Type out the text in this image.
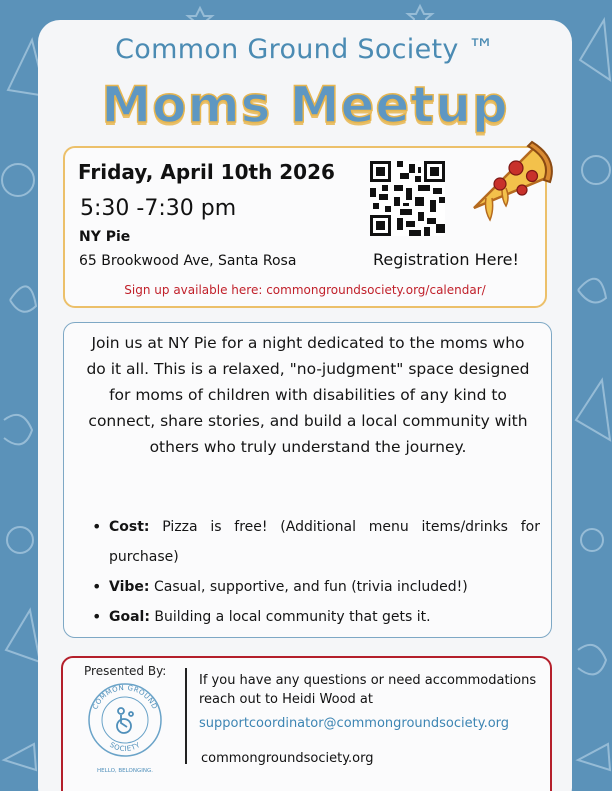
Common Ground Society ™
Moms Meetup
Friday, April 10th 2026
5:30 -7:30 pm
NY Pie
65 Brookwood Ave, Santa Rosa	Registration Here!
Sign up available here: commongroundsociety.org/calendar/
Join us at NY Pie for a night dedicated to the moms who do it all. This is a relaxed, "no-judgment" space designed for moms of children with disabilities of any kind to connect, share stories, and build a local community with others who truly understand the journey.
• Cost: Pizza is free! (Additional menu items/drinks for purchase)
• Vibe: Casual, supportive, and fun (trivia included!)
• Goal: Building a local community that gets it.
Presented By:
COMMON GROUND
SOCIETY
HELLO, BELONGING.
If you have any questions or need accommodations reach out to Heidi Wood at
supportcoordinator@commongroundsociety.org
commongroundsociety.org
